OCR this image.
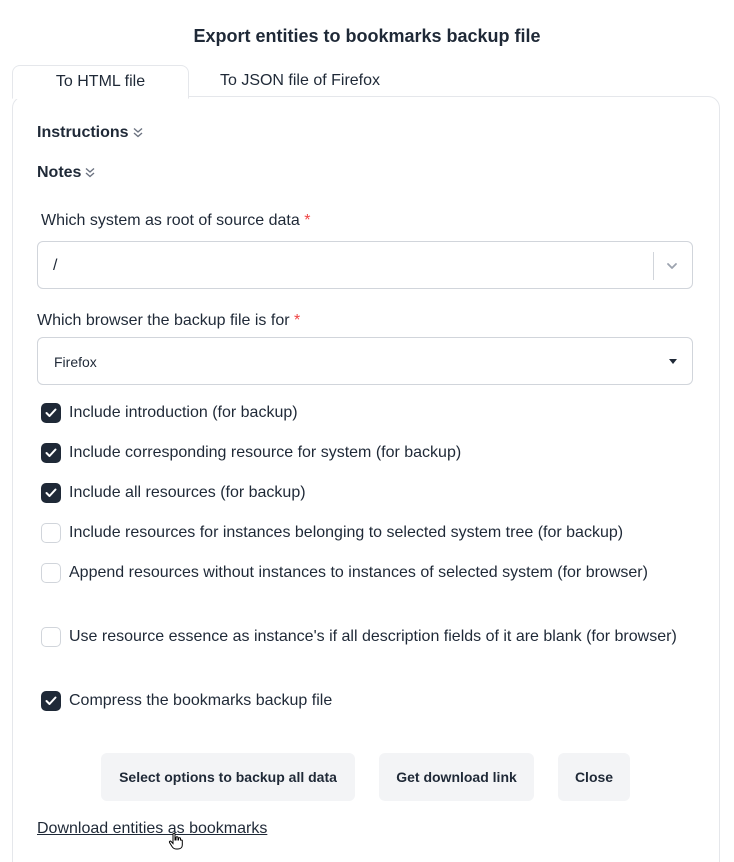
Export entities to bookmarks backup file
To HTML file	To JSON file of Firefox
Instructions
Notes
Which system as root of source data *
/
Which browser the backup file is for *
Firefox
Include introduction (for backup)
Include corresponding resource for system (for backup)
Include all resources (for backup)
Include resources for instances belonging to selected system tree (for backup)
Append resources without instances to instances of selected system (for browser)
Use resource essence as instance's if all description fields of it are blank (for browser)
Compress the bookmarks backup file
Select options to backup all data	Get download link	Close
Download entities as bookmarks
